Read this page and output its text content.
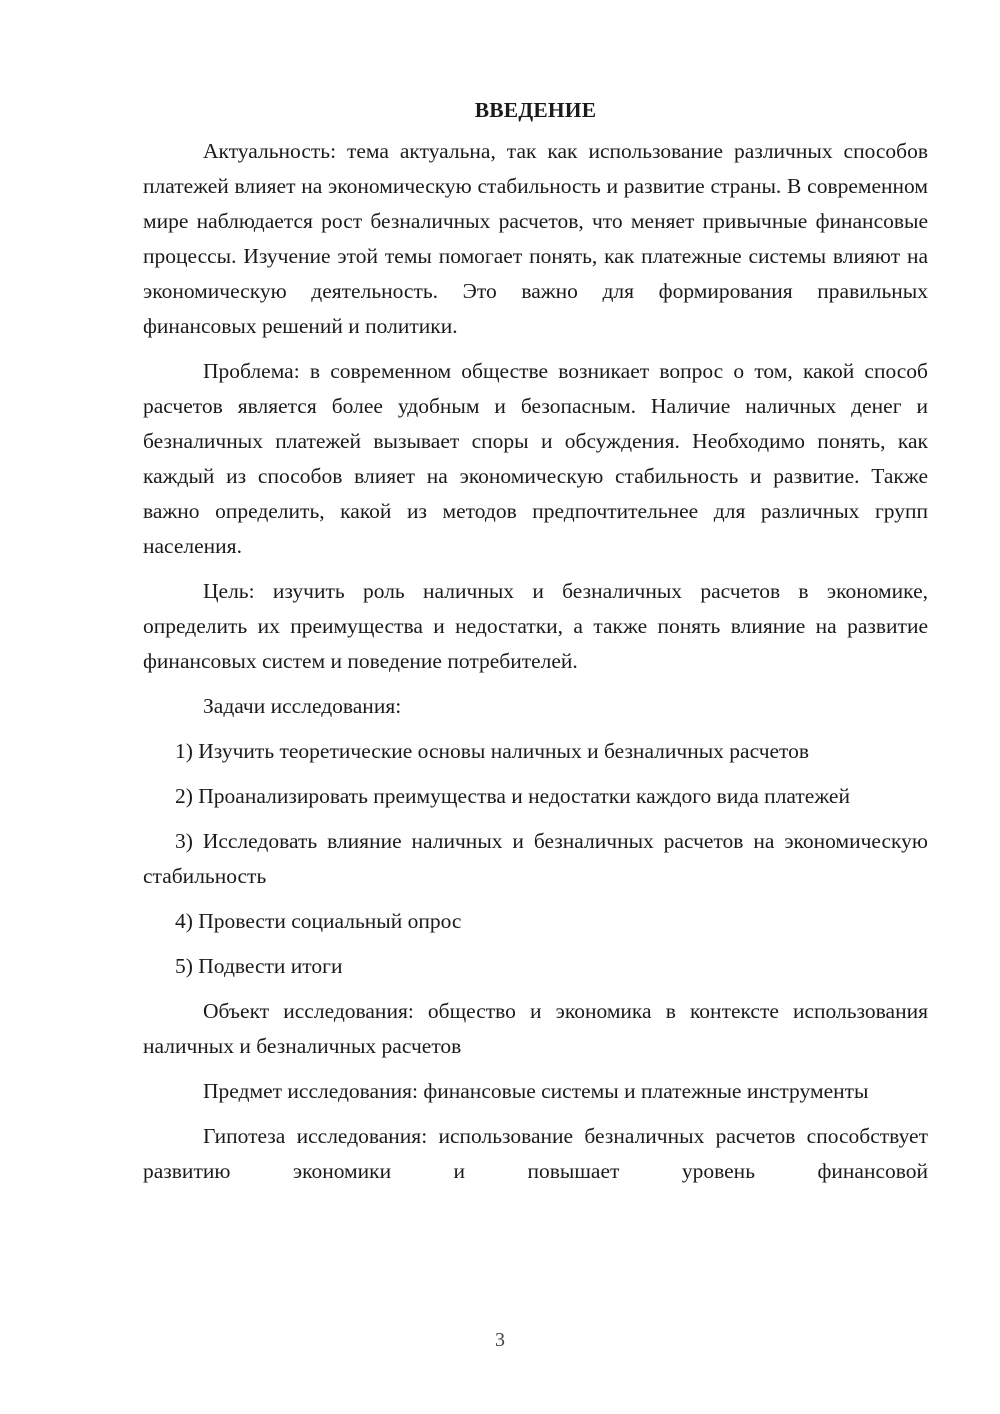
ВВЕДЕНИЕ

Актуальность: тема актуальна, так как использование различных способов платежей влияет на экономическую стабильность и развитие страны. В современном мире наблюдается рост безналичных расчетов, что меняет привычные финансовые процессы. Изучение этой темы помогает понять, как платежные системы влияют на экономическую деятельность. Это важно для формирования правильных финансовых решений и политики.

Проблема: в современном обществе возникает вопрос о том, какой способ расчетов является более удобным и безопасным. Наличие наличных денег и безналичных платежей вызывает споры и обсуждения. Необходимо понять, как каждый из способов влияет на экономическую стабильность и развитие. Также важно определить, какой из методов предпочтительнее для различных групп населения.

Цель: изучить роль наличных и безналичных расчетов в экономике, определить их преимущества и недостатки, а также понять влияние на развитие финансовых систем и поведение потребителей.

Задачи исследования:

1) Изучить теоретические основы наличных и безналичных расчетов

2) Проанализировать преимущества и недостатки каждого вида платежей

3) Исследовать влияние наличных и безналичных расчетов на экономическую стабильность

4) Провести социальный опрос

5) Подвести итоги

Объект исследования: общество и экономика в контексте использования наличных и безналичных расчетов

Предмет исследования: финансовые системы и платежные инструменты

Гипотеза исследования: использование безналичных расчетов способствует развитию экономики и повышает уровень финансовой

3
